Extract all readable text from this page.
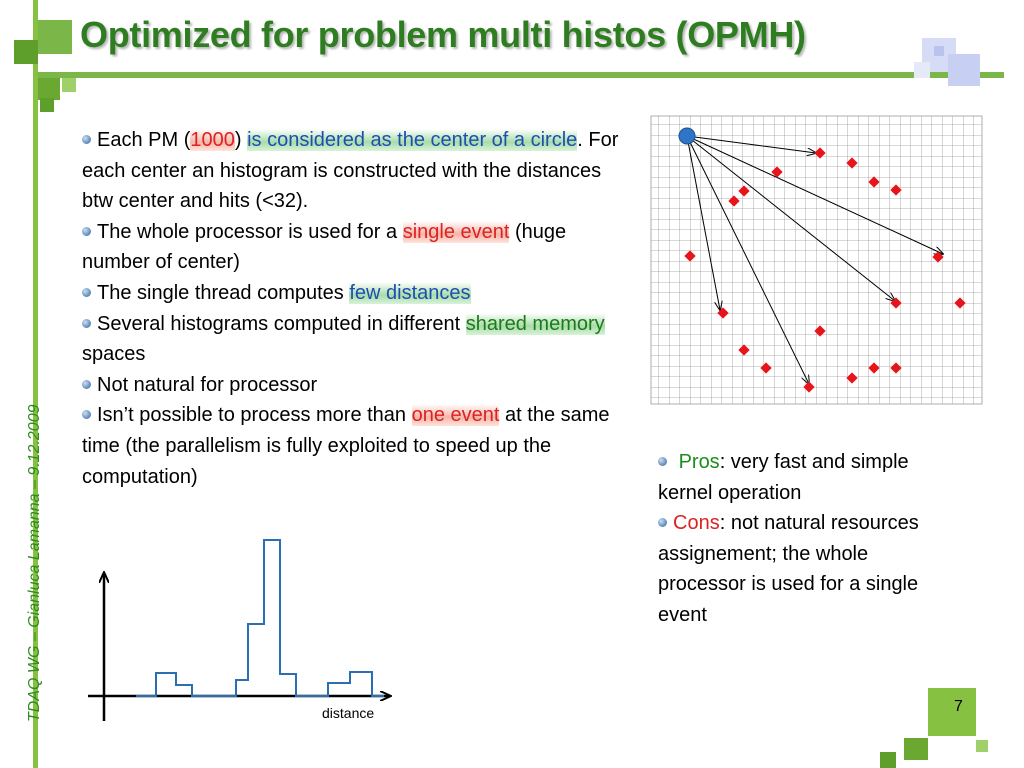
Optimized for problem multi histos (OPMH)
TDAQ WG – Gianluca Lamanna – 9.12.2009	7
Each PM (1000) is considered as the center of a circle. For each center an histogram is constructed with the distances btw center and hits (<32).
The whole processor is used for a single event (huge number of center)
The single thread computes few distances
Several histograms computed in different shared memory spaces
Not natural for processor
Isn’t possible to process more than one event at the same time (the parallelism is fully exploited to speed up the computation)
Pros: very fast and simple kernel operation
Cons: not natural resources assignement; the whole processor is used for a single event
distance
